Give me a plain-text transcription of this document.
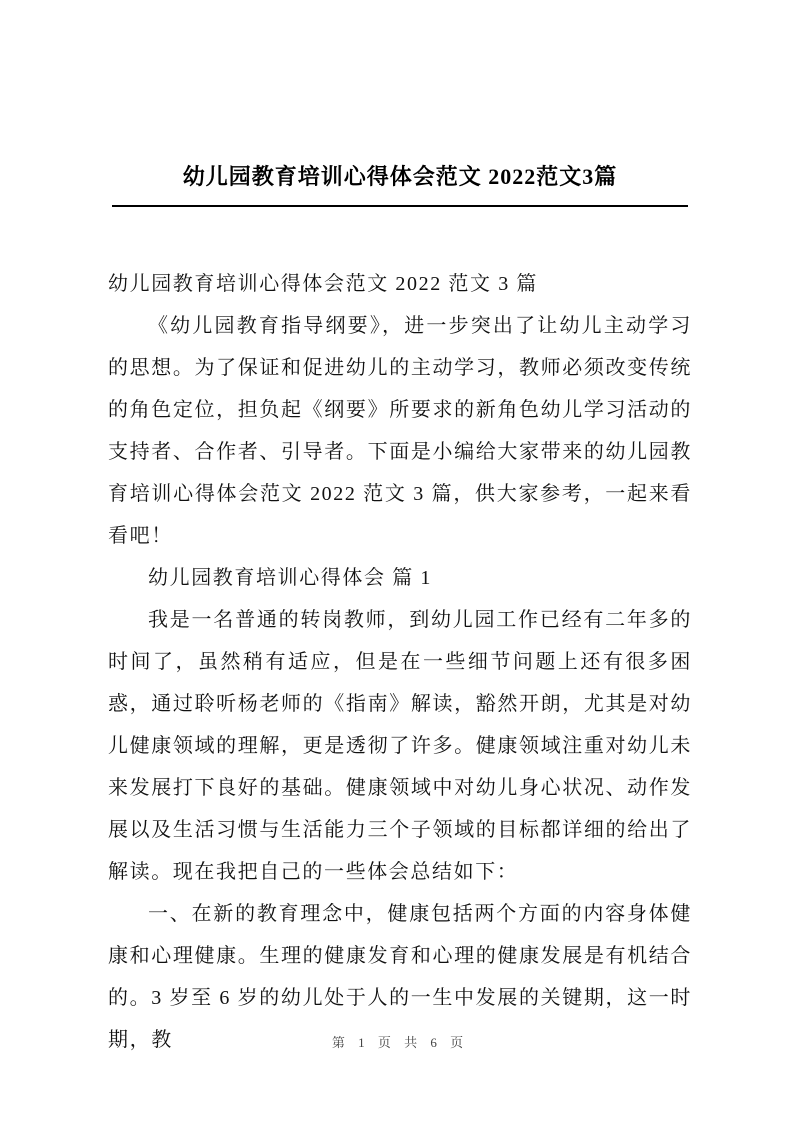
幼儿园教育培训心得体会范文 2022范文3篇

幼儿园教育培训心得体会范文 2022 范文 3 篇

《幼儿园教育指导纲要》，进一步突出了让幼儿主动学习的思想。为了保证和促进幼儿的主动学习，教师必须改变传统的角色定位，担负起《纲要》所要求的新角色幼儿学习活动的支持者、合作者、引导者。下面是小编给大家带来的幼儿园教育培训心得体会范文 2022 范文 3 篇，供大家参考，一起来看看吧！

幼儿园教育培训心得体会 篇 1

我是一名普通的转岗教师，到幼儿园工作已经有二年多的时间了，虽然稍有适应，但是在一些细节问题上还有很多困惑，通过聆听杨老师的《指南》解读，豁然开朗，尤其是对幼儿健康领域的理解，更是透彻了许多。健康领域注重对幼儿未来发展打下良好的基础。健康领域中对幼儿身心状况、动作发展以及生活习惯与生活能力三个子领域的目标都详细的给出了解读。现在我把自己的一些体会总结如下：

一、在新的教育理念中，健康包括两个方面的内容身体健康和心理健康。生理的健康发育和心理的健康发展是有机结合的。3 岁至 6 岁的幼儿处于人的一生中发展的关键期，这一时期，教	第 1 页 共 6 页
